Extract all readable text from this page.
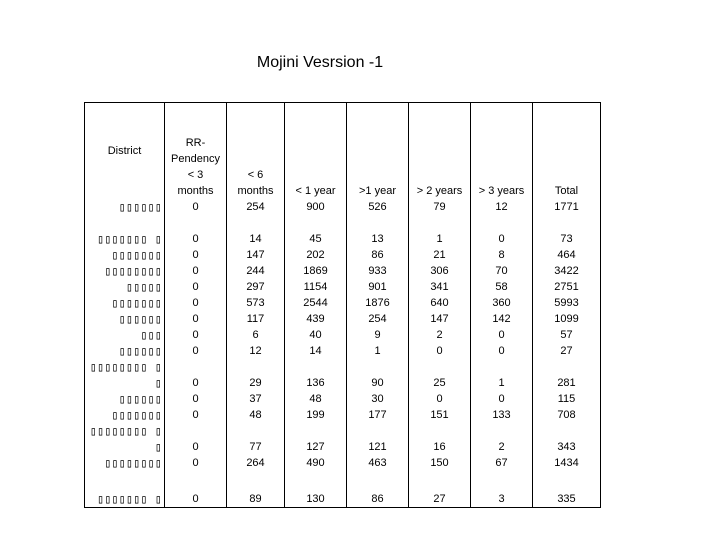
Mojini Vesrsion -1
District	RR-
Pendency
< 3
months	< 6
months	< 1 year	>1 year	> 2 years	> 3 years	Total
▯▯▯▯▯▯	0	254	900	526	79	12	1771
▯▯▯▯▯▯▯ ▯	0	14	45	13	1	0	73
▯▯▯▯▯▯▯	0	147	202	86	21	8	464
▯▯▯▯▯▯▯▯	0	244	1869	933	306	70	3422
▯▯▯▯▯	0	297	1154	901	341	58	2751
▯▯▯▯▯▯▯	0	573	2544	1876	640	360	5993
▯▯▯▯▯▯	0	117	439	254	147	142	1099
▯▯▯	0	6	40	9	2	0	57
▯▯▯▯▯▯	0	12	14	1	0	0	27
▯▯▯▯▯▯▯▯ ▯▯	0	29	136	90	25	1	281
▯▯▯▯▯▯	0	37	48	30	0	0	115
▯▯▯▯▯▯▯	0	48	199	177	151	133	708
▯▯▯▯▯▯▯▯ ▯▯	0	77	127	121	16	2	343
▯▯▯▯▯▯▯▯	0	264	490	463	150	67	1434
▯▯▯▯▯▯▯ ▯	0	89	130	86	27	3	335
